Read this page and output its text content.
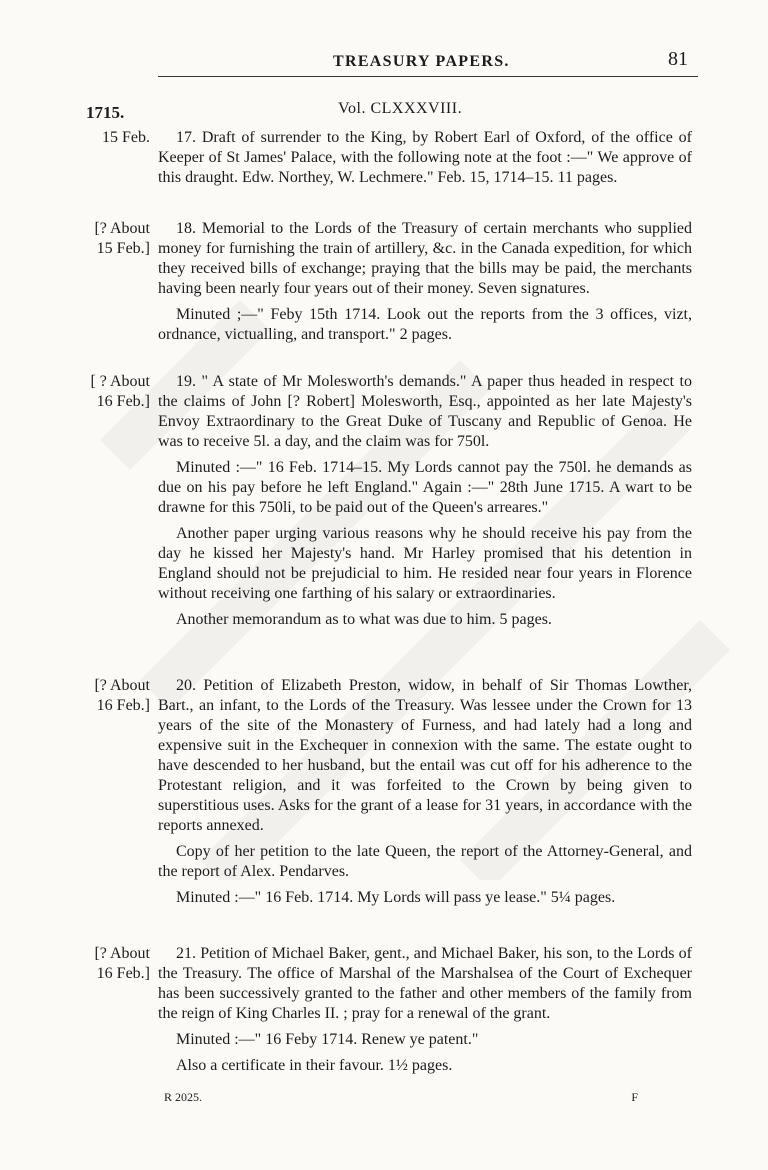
TREASURY PAPERS.	81
1715.	Vol. CLXXXVIII.
15 Feb.	17. Draft of surrender to the King, by Robert Earl of Oxford, of the office of Keeper of St James' Palace, with the following note at the foot :—" We approve of this draught. Edw. Northey, W. Lechmere." Feb. 15, 1714–15. 11 pages.

[? About
15 Feb.]

18. Memorial to the Lords of the Treasury of certain merchants who supplied money for furnishing the train of artillery, &c. in the Canada expedition, for which they received bills of exchange; praying that the bills may be paid, the merchants having been nearly four years out of their money. Seven signatures.

Minuted ;—" Feby 15th 1714. Look out the reports from the 3 offices, vizt, ordnance, victualling, and transport." 2 pages.

[ ? About
16 Feb.]

19. " A state of Mr Molesworth's demands." A paper thus headed in respect to the claims of John [? Robert] Molesworth, Esq., appointed as her late Majesty's Envoy Extraordinary to the Great Duke of Tuscany and Republic of Genoa. He was to receive 5l. a day, and the claim was for 750l.

Minuted :—" 16 Feb. 1714–15. My Lords cannot pay the 750l. he demands as due on his pay before he left England." Again :—" 28th June 1715. A wart to be drawne for this 750li, to be paid out of the Queen's arreares."

Another paper urging various reasons why he should receive his pay from the day he kissed her Majesty's hand. Mr Harley promised that his detention in England should not be prejudicial to him. He resided near four years in Florence without receiving one farthing of his salary or extraordinaries.

Another memorandum as to what was due to him. 5 pages.

[? About
16 Feb.]

20. Petition of Elizabeth Preston, widow, in behalf of Sir Thomas Lowther, Bart., an infant, to the Lords of the Treasury. Was lessee under the Crown for 13 years of the site of the Monastery of Furness, and had lately had a long and expensive suit in the Exchequer in connexion with the same. The estate ought to have descended to her husband, but the entail was cut off for his adherence to the Protestant religion, and it was forfeited to the Crown by being given to superstitious uses. Asks for the grant of a lease for 31 years, in accordance with the reports annexed.

Copy of her petition to the late Queen, the report of the Attorney-General, and the report of Alex. Pendarves.

Minuted :—" 16 Feb. 1714. My Lords will pass ye lease." 5¼ pages.

[? About
16 Feb.]

21. Petition of Michael Baker, gent., and Michael Baker, his son, to the Lords of the Treasury. The office of Marshal of the Marshalsea of the Court of Exchequer has been successively granted to the father and other members of the family from the reign of King Charles II. ; pray for a renewal of the grant.

Minuted :—" 16 Feby 1714. Renew ye patent."

Also a certificate in their favour. 1½ pages.

R 2025.	F
